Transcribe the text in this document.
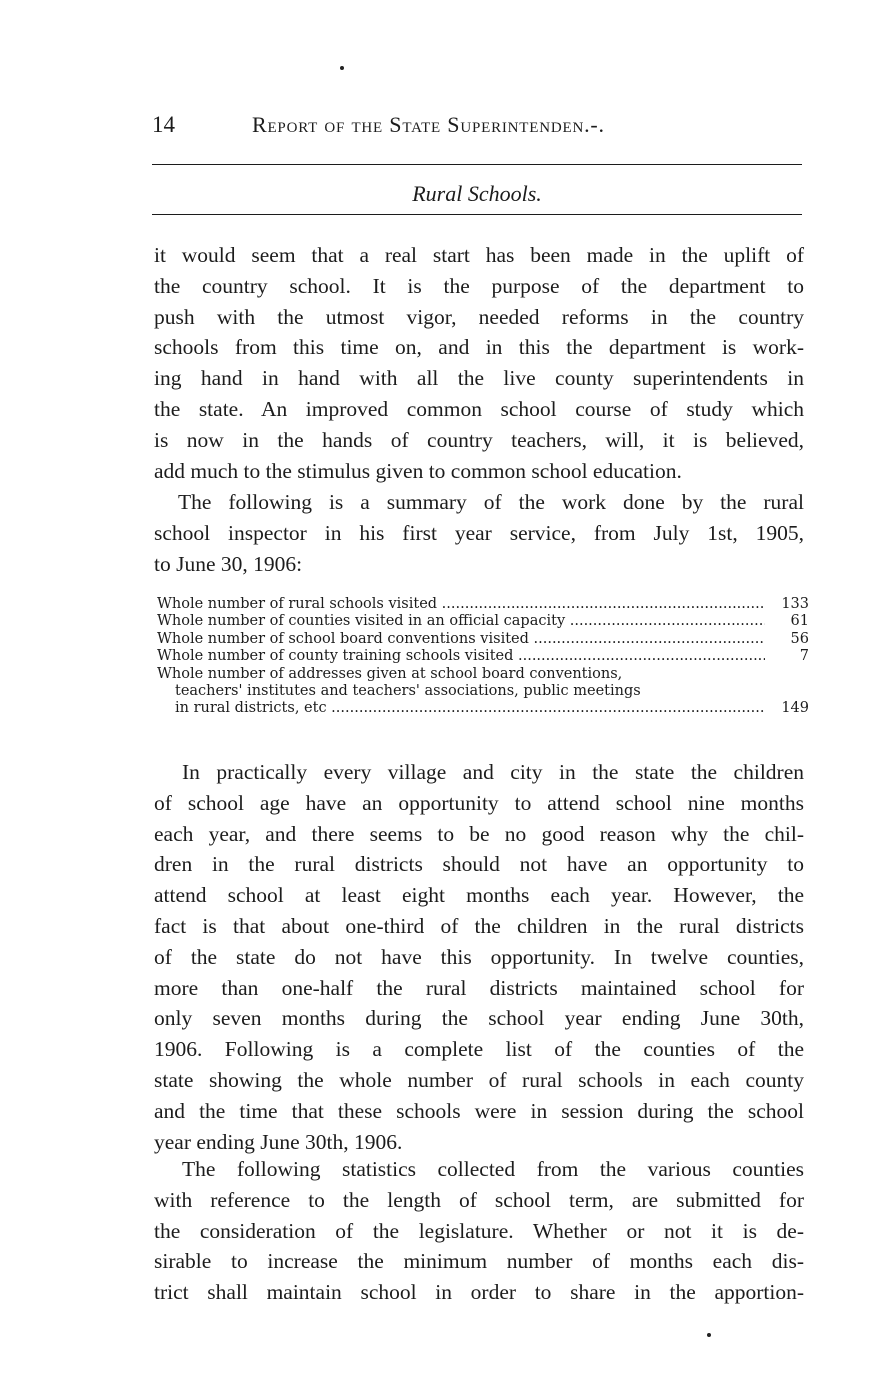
14	Report of the State Superintenden.-.
Rural Schools.
it would seem that a real start has been made in the uplift of
the country school. It is the purpose of the department to
push with the utmost vigor, needed reforms in the country
schools from this time on, and in this the department is work-
ing hand in hand with all the live county superintendents in
the state. An improved common school course of study which
is now in the hands of country teachers, will, it is believed,
add much to the stimulus given to common school education.
The following is a summary of the work done by the rural
school inspector in his first year service, from July 1st, 1905,
to June 30, 1906:
Whole number of rural schools visited .....	133
Whole number of counties visited in an official capacity .....	61
Whole number of school board conventions visited .....	56
Whole number of county training schools visited .....	7
Whole number of addresses given at school board conventions,
teachers' institutes and teachers' associations, public meetings
in rural districts, etc .....	149
In practically every village and city in the state the children
of school age have an opportunity to attend school nine months
each year, and there seems to be no good reason why the chil-
dren in the rural districts should not have an opportunity to
attend school at least eight months each year. However, the
fact is that about one-third of the children in the rural districts
of the state do not have this opportunity. In twelve counties,
more than one-half the rural districts maintained school for
only seven months during the school year ending June 30th,
1906. Following is a complete list of the counties of the
state showing the whole number of rural schools in each county
and the time that these schools were in session during the school
year ending June 30th, 1906.
The following statistics collected from the various counties
with reference to the length of school term, are submitted for
the consideration of the legislature. Whether or not it is de-
sirable to increase the minimum number of months each dis-
trict shall maintain school in order to share in the apportion-
